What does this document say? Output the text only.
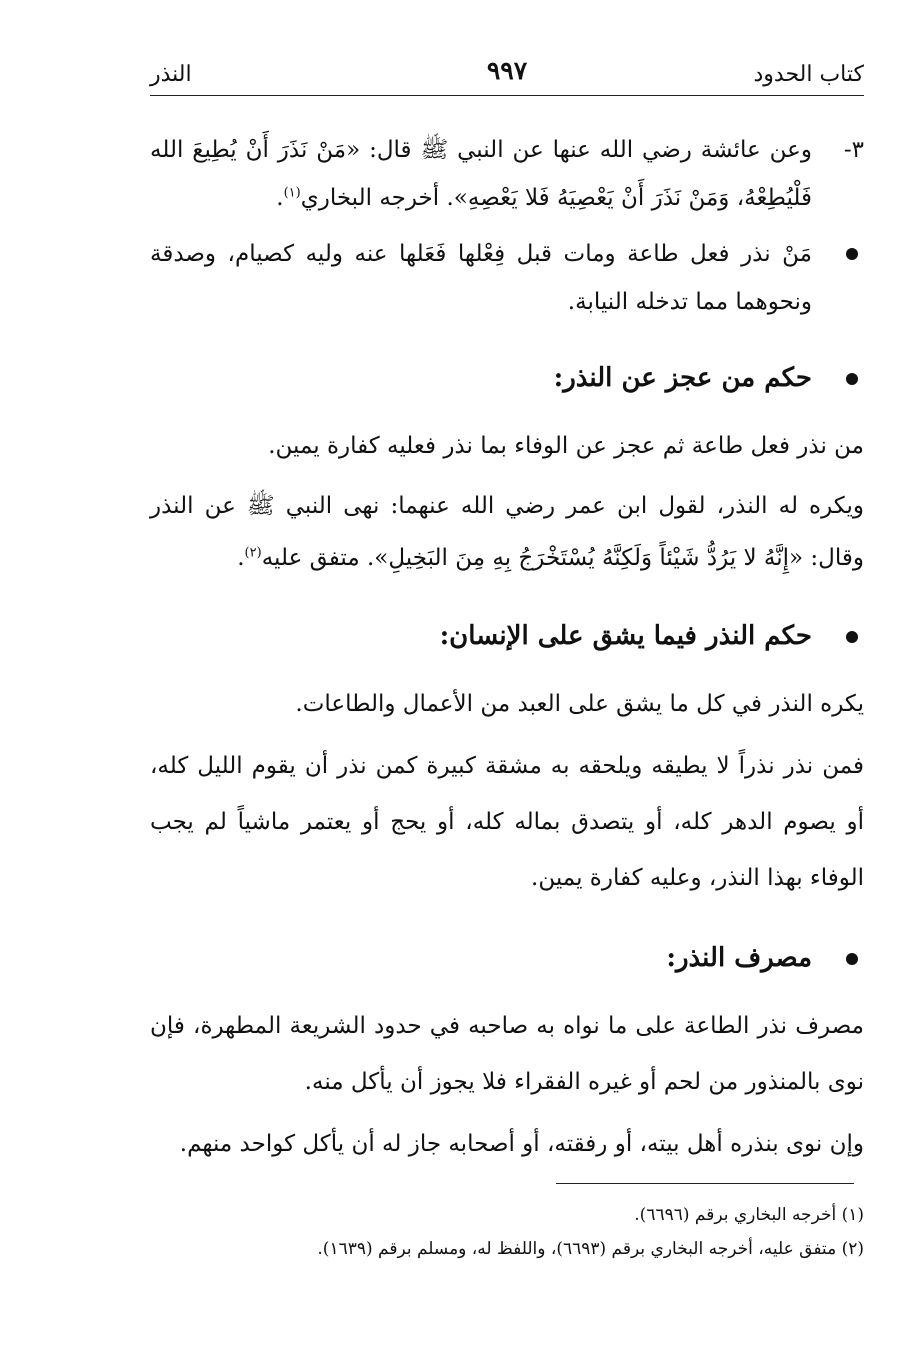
كتاب الحدود
٩٩٧
النذر
٣-
وعن عائشة رضي الله عنها عن النبي ﷺ قال: «مَنْ نَذَرَ أَنْ يُطِيعَ الله فَلْيُطِعْهُ، وَمَنْ نَذَرَ أَنْ يَعْصِيَهُ فَلا يَعْصِهِ». أخرجه البخاري$^{(١)}$.
مَنْ نذر فعل طاعة ومات قبل فِعْلها فَعَلها عنه وليه كصيام، وصدقة ونحوهما مما تدخله النيابة.
حكم من عجز عن النذر:

من نذر فعل طاعة ثم عجز عن الوفاء بما نذر فعليه كفارة يمين.

ويكره له النذر، لقول ابن عمر رضي الله عنهما: نهى النبي ﷺ عن النذر وقال: «إِنَّهُ لا يَرُدُّ شَيْئاً وَلَكِنَّهُ يُسْتَخْرَجُ بِهِ مِنَ البَخِيلِ». متفق عليه$^{(٢)}$.

حكم النذر فيما يشق على الإنسان:

يكره النذر في كل ما يشق على العبد من الأعمال والطاعات.

فمن نذر نذراً لا يطيقه ويلحقه به مشقة كبيرة كمن نذر أن يقوم الليل كله، أو يصوم الدهر كله، أو يتصدق بماله كله، أو يحج أو يعتمر ماشياً لم يجب الوفاء بهذا النذر، وعليه كفارة يمين.

مصرف النذر:

مصرف نذر الطاعة على ما نواه به صاحبه في حدود الشريعة المطهرة، فإن نوى بالمنذور من لحم أو غيره الفقراء فلا يجوز أن يأكل منه.

وإن نوى بنذره أهل بيته، أو رفقته، أو أصحابه جاز له أن يأكل كواحد منهم.

(١) أخرجه البخاري برقم (٦٦٩٦).
(٢) متفق عليه، أخرجه البخاري برقم (٦٦٩٣)، واللفظ له، ومسلم برقم (١٦٣٩).
